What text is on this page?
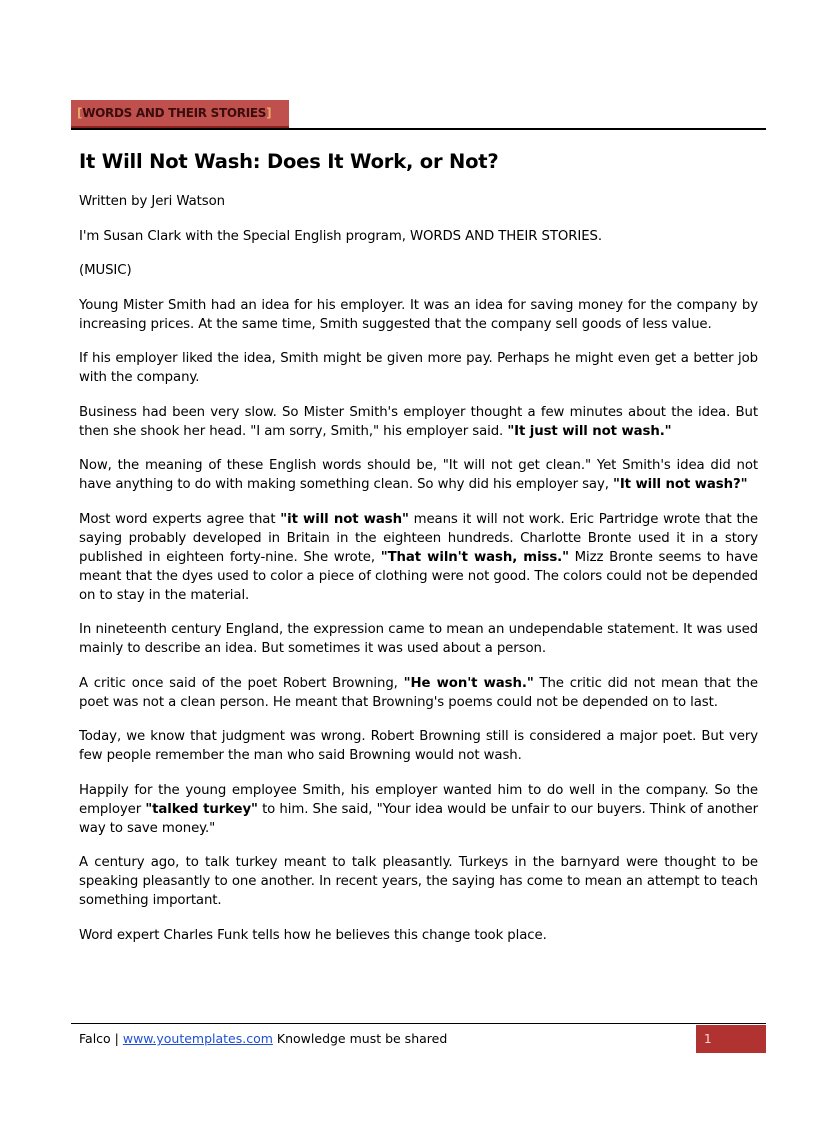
[ WORDS AND THEIR STORIES ]
It Will Not Wash: Does It Work, or Not?

Written by Jeri Watson

I'm Susan Clark with the Special English program, WORDS AND THEIR STORIES.

(MUSIC)

Young Mister Smith had an idea for his employer. It was an idea for saving money for the company by increasing prices. At the same time, Smith suggested that the company sell goods of less value.

If his employer liked the idea, Smith might be given more pay. Perhaps he might even get a better job with the company.

Business had been very slow. So Mister Smith's employer thought a few minutes about the idea. But then she shook her head. "I am sorry, Smith," his employer said. "It just will not wash."

Now, the meaning of these English words should be, "It will not get clean." Yet Smith's idea did not have anything to do with making something clean. So why did his employer say, "It will not wash?"

Most word experts agree that "it will not wash" means it will not work. Eric Partridge wrote that the saying probably developed in Britain in the eighteen hundreds. Charlotte Bronte used it in a story published in eighteen forty-nine. She wrote, "That wiln't wash, miss." Mizz Bronte seems to have meant that the dyes used to color a piece of clothing were not good. The colors could not be depended on to stay in the material.

In nineteenth century England, the expression came to mean an undependable statement. It was used mainly to describe an idea. But sometimes it was used about a person.

A critic once said of the poet Robert Browning, "He won't wash." The critic did not mean that the poet was not a clean person. He meant that Browning's poems could not be depended on to last.

Today, we know that judgment was wrong. Robert Browning still is considered a major poet. But very few people remember the man who said Browning would not wash.

Happily for the young employee Smith, his employer wanted him to do well in the company. So the employer "talked turkey" to him. She said, "Your idea would be unfair to our buyers. Think of another way to save money."

A century ago, to talk turkey meant to talk pleasantly. Turkeys in the barnyard were thought to be speaking pleasantly to one another. In recent years, the saying has come to mean an attempt to teach something important.

Word expert Charles Funk tells how he believes this change took place.

Falco | www.youtemplates.com Knowledge must be shared	1
